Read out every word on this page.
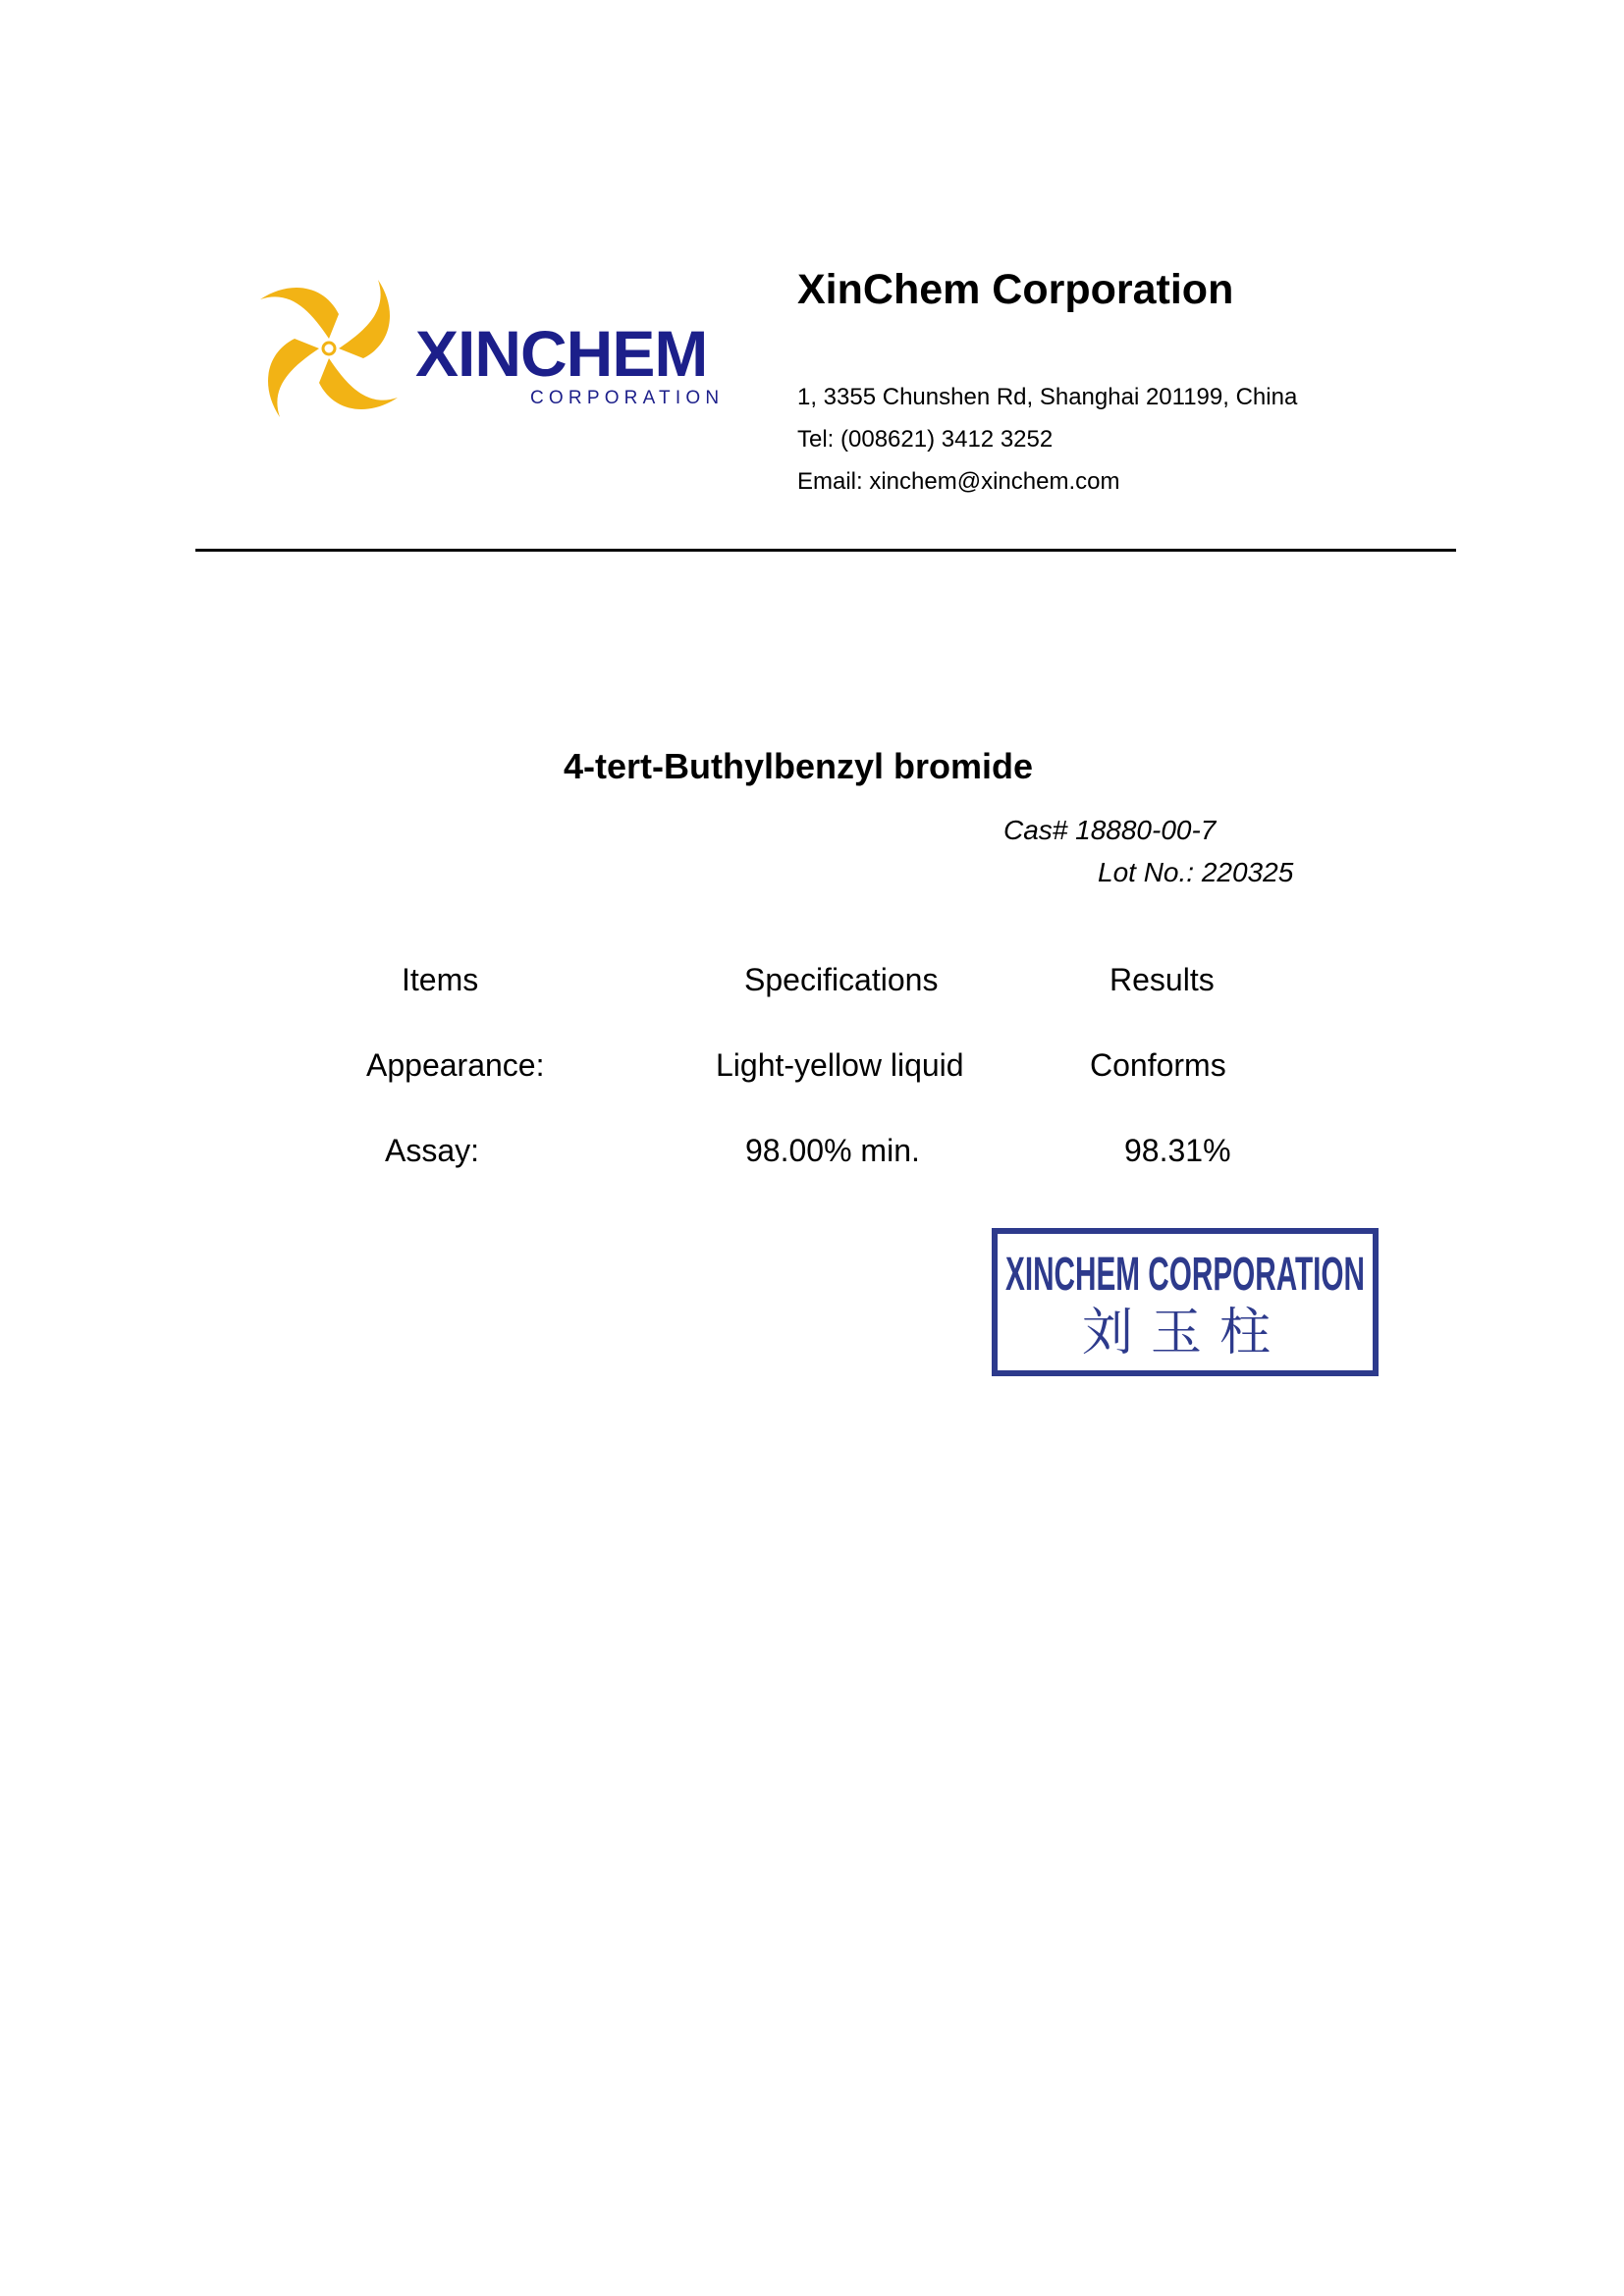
XINCHEM
CORPORATION
XinChem Corporation
1, 3355 Chunshen Rd, Shanghai 201199, China
Tel: (008621) 3412 3252
Email: xinchem@xinchem.com
4-tert-Buthylbenzyl bromide
Cas# 18880-00-7
Lot No.: 220325
Items	Specifications	Results
Appearance:	Light-yellow liquid	Conforms
Assay:	98.00% min.	98.31%
XINCHEM CORPORATION
刘玉柱
